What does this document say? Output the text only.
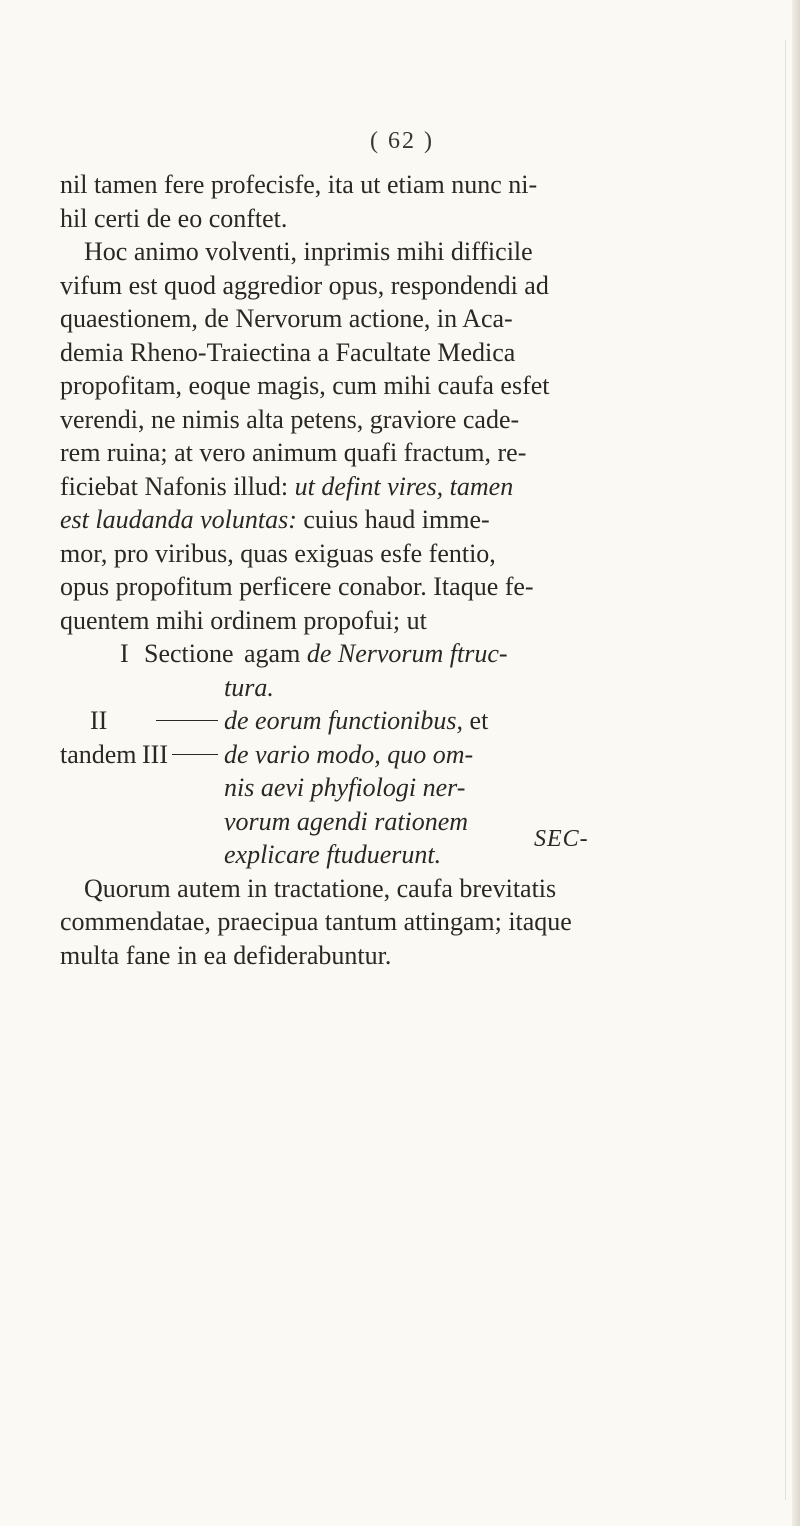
( 62 )
nil tamen fere profecisfe, ita ut etiam nunc ni-
hil certi de eo conftet.
Hoc animo volventi, inprimis mihi difficile
vifum est quod aggredior opus, respondendi ad
quaestionem, de Nervorum actione, in Aca-
demia Rheno-Traiectina a Facultate Medica
propofitam, eoque magis, cum mihi caufa esfet
verendi, ne nimis alta petens, graviore cade-
rem ruina; at vero animum quafi fractum, re-
ficiebat Nafonis illud: ut defint vires, tamen
est laudanda voluntas: cuius haud imme-
mor, pro viribus, quas exiguas esfe fentio,
opus propofitum perficere conabor. Itaque fe-
quentem mihi ordinem propofui; ut
I Sectione agam de Nervorum ftruc-
tura.
II	de eorum functionibus, et
tandem III	de vario modo, quo om-
nis aevi phyfiologi ner-
vorum agendi rationem
explicare ftuduerunt.
Quorum autem in tractatione, caufa brevitatis
commendatae, praecipua tantum attingam; itaque
multa fane in ea defiderabuntur.
SEC-
